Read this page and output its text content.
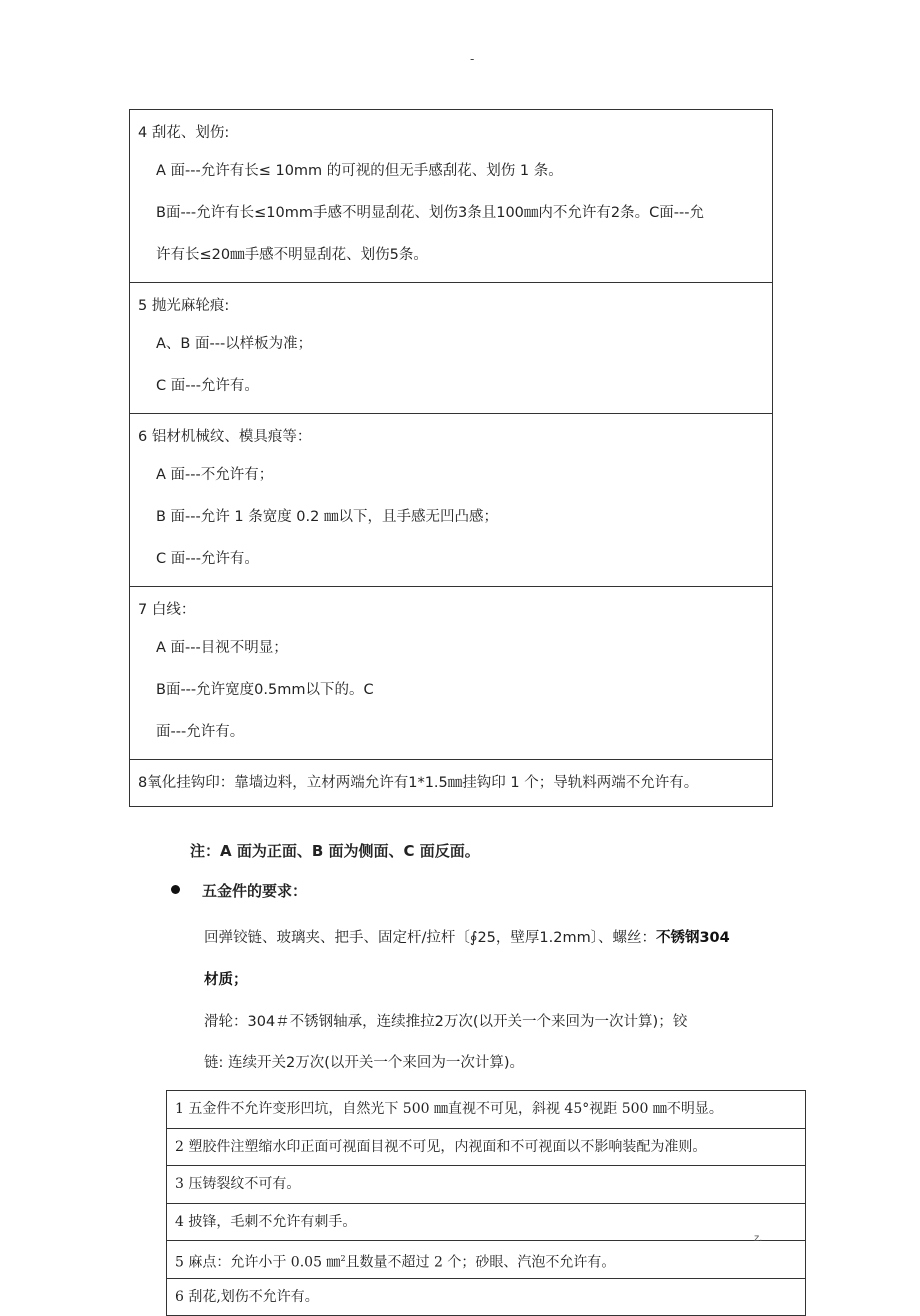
-
4 刮花、划伤:
A 面---允许有长≤ 10mm 的可视的但无手感刮花、划伤 1 条。
B面---允许有长≤10mm手感不明显刮花、划伤3条且100㎜内不允许有2条。C面---允
许有长≤20㎜手感不明显刮花、划伤5条。
5 抛光麻轮痕:
A、B 面---以样板为准；
C 面---允许有。
6 铝材机械纹、模具痕等：
A 面---不允许有；
B 面---允许 1 条宽度 0.2 ㎜以下，且手感无凹凸感；
C 面---允许有。
7 白线：
A 面---目视不明显；
B面---允许宽度0.5mm以下的。C
面---允许有。
8氧化挂钩印：靠墙边料，立材两端允许有1*1.5㎜挂钩印 1 个；导轨料两端不允许有。
注：A 面为正面、B 面为侧面、C 面反面。
五金件的要求：
回弹铰链、玻璃夹、把手、固定杆/拉杆〔∮25，壁厚1.2mm〕、螺丝：不锈钢304
材质；
滑轮：304＃不锈钢轴承，连续推拉2万次(以开关一个来回为一次计算)；铰
链: 连续开关2万次(以开关一个来回为一次计算)。
1 五金件不允许变形凹坑，自然光下 500 ㎜直视不可见，斜视 45°视距 500 ㎜不明显。
2 塑胶件注塑缩水印正面可视面目视不可见，内视面和不可视面以不影响装配为准则。
3 压铸裂纹不可有。
4 披锋，毛刺不允许有刺手。
5 麻点：允许小于 0.05 ㎜$^2$且数量不超过 2 个；砂眼、汽泡不允许有。
6 刮花,划伤不允许有。
z.
